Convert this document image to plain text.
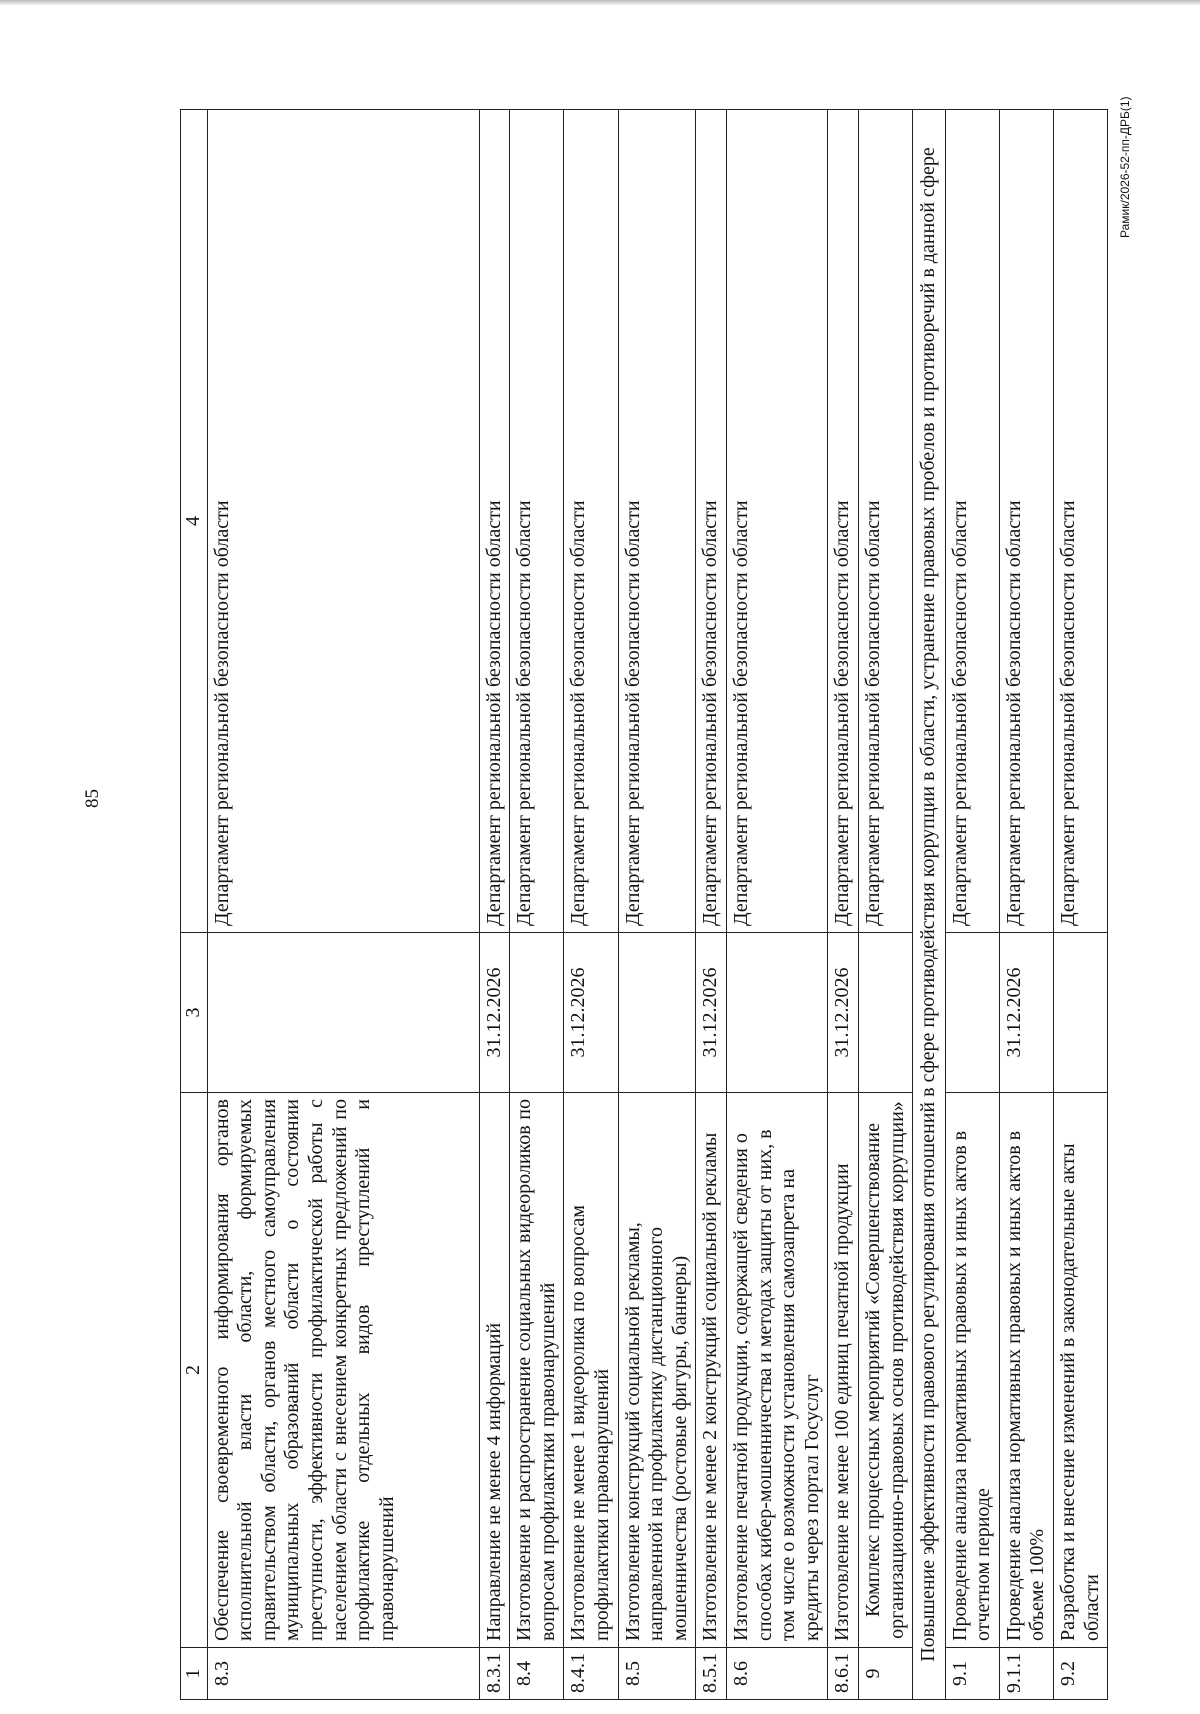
85
Рамик/2026-52-пп-ДРБ(1)
1	2	3	4
8.3	Обеспечение своевременного информирования органов исполнительной власти области, формируемых правительством области, органов местного самоуправления муниципальных образований области о состоянии преступности, эффективности профилактической работы с населением области с внесением конкретных предложений по профилактике отдельных видов преступлений и правонарушений		Департамент региональной безопасности области
8.3.1	Направление не менее 4 информаций	31.12.2026	Департамент региональной безопасности области
8.4	Изготовление и распространение социальных видеороликов по вопросам профилактики правонарушений		Департамент региональной безопасности области
8.4.1	Изготовление не менее 1 видеоролика по вопросам профилактики правонарушений	31.12.2026	Департамент региональной безопасности области
8.5	Изготовление конструкций социальной рекламы, направленной на профилактику дистанционного мошенничества (ростовые фигуры, баннеры)		Департамент региональной безопасности области
8.5.1	Изготовление не менее 2 конструкций социальной рекламы	31.12.2026	Департамент региональной безопасности области
8.6	Изготовление печатной продукции, содержащей сведения о способах кибер-мошенничества и методах защиты от них, в том числе о возможности установления самозапрета на кредиты через портал Госуслуг		Департамент региональной безопасности области
8.6.1	Изготовление не менее 100 единиц печатной продукции	31.12.2026	Департамент региональной безопасности области
9	Комплекс процессных мероприятий «Совершенствование организационно-правовых основ противодействия коррупции»		Департамент региональной безопасности области
Повышение эффективности правового регулирования отношений в сфере противодействия коррупции в области, устранение правовых пробелов и противоречий в данной сфере			
9.1	Проведение анализа нормативных правовых и иных актов в отчетном периоде		Департамент региональной безопасности области
9.1.1	Проведение анализа нормативных правовых и иных актов в объеме 100%	31.12.2026	Департамент региональной безопасности области
9.2	Разработка и внесение изменений в законодательные акты области		Департамент региональной безопасности области
